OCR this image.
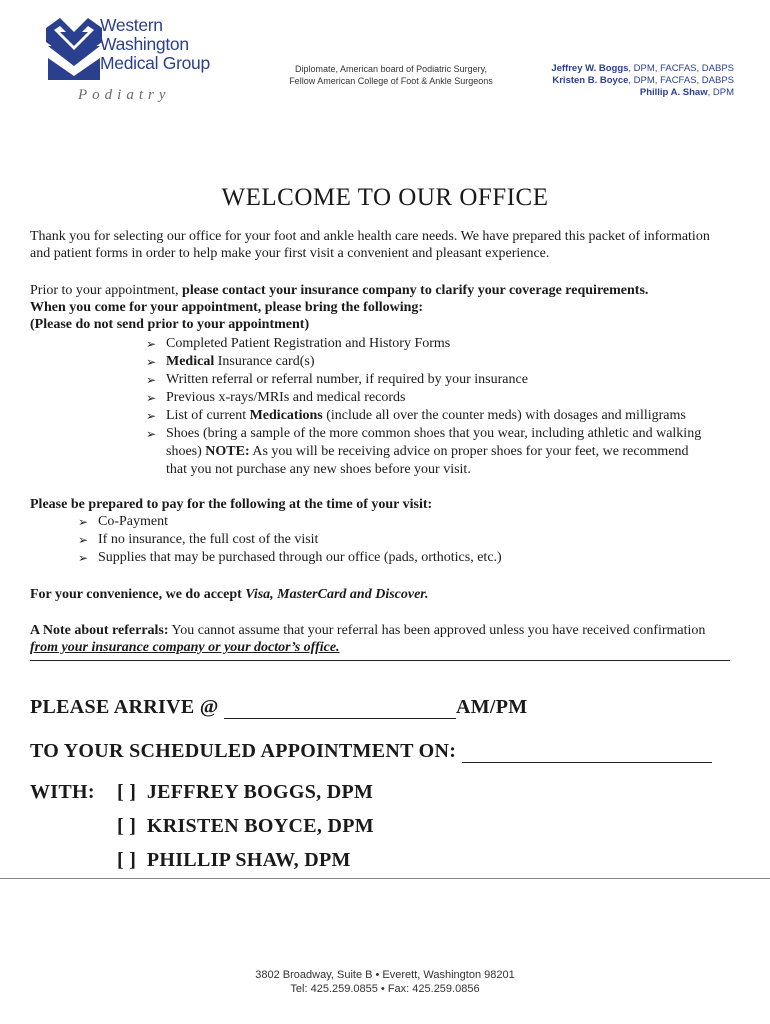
Western
Washington
Medical Group
Podiatry
Diplomate, American board of Podiatric Surgery,
Fellow American College of Foot & Ankle Surgeons
Jeffrey W. Boggs, DPM, FACFAS, DABPS
Kristen B. Boyce, DPM, FACFAS, DABPS
Phillip A. Shaw, DPM
WELCOME TO OUR OFFICE
Thank you for selecting our office for your foot and ankle health care needs. We have prepared this packet of information and patient forms in order to help make your first visit a convenient and pleasant experience.
Prior to your appointment, please contact your insurance company to clarify your coverage requirements.
When you come for your appointment, please bring the following:
(Please do not send prior to your appointment)
➢ Completed Patient Registration and History Forms
➢ Medical Insurance card(s)
➢ Written referral or referral number, if required by your insurance
➢ Previous x-rays/MRIs and medical records
➢ List of current Medications (include all over the counter meds) with dosages and milligrams
➢ Shoes (bring a sample of the more common shoes that you wear, including athletic and walking shoes) NOTE: As you will be receiving advice on proper shoes for your feet, we recommend that you not purchase any new shoes before your visit.
Please be prepared to pay for the following at the time of your visit:
➢ Co-Payment
➢ If no insurance, the full cost of the visit
➢ Supplies that may be purchased through our office (pads, orthotics, etc.)
For your convenience, we do accept Visa, MasterCard and Discover.
A Note about referrals: You cannot assume that your referral has been approved unless you have received confirmation from your insurance company or your doctor’s office.
PLEASE ARRIVE @	AM/PM
TO YOUR SCHEDULED APPOINTMENT ON:
WITH: [ ] JEFFREY BOGGS, DPM
[ ] KRISTEN BOYCE, DPM
[ ] PHILLIP SHAW, DPM
3802 Broadway, Suite B • Everett, Washington 98201
Tel: 425.259.0855 • Fax: 425.259.0856
